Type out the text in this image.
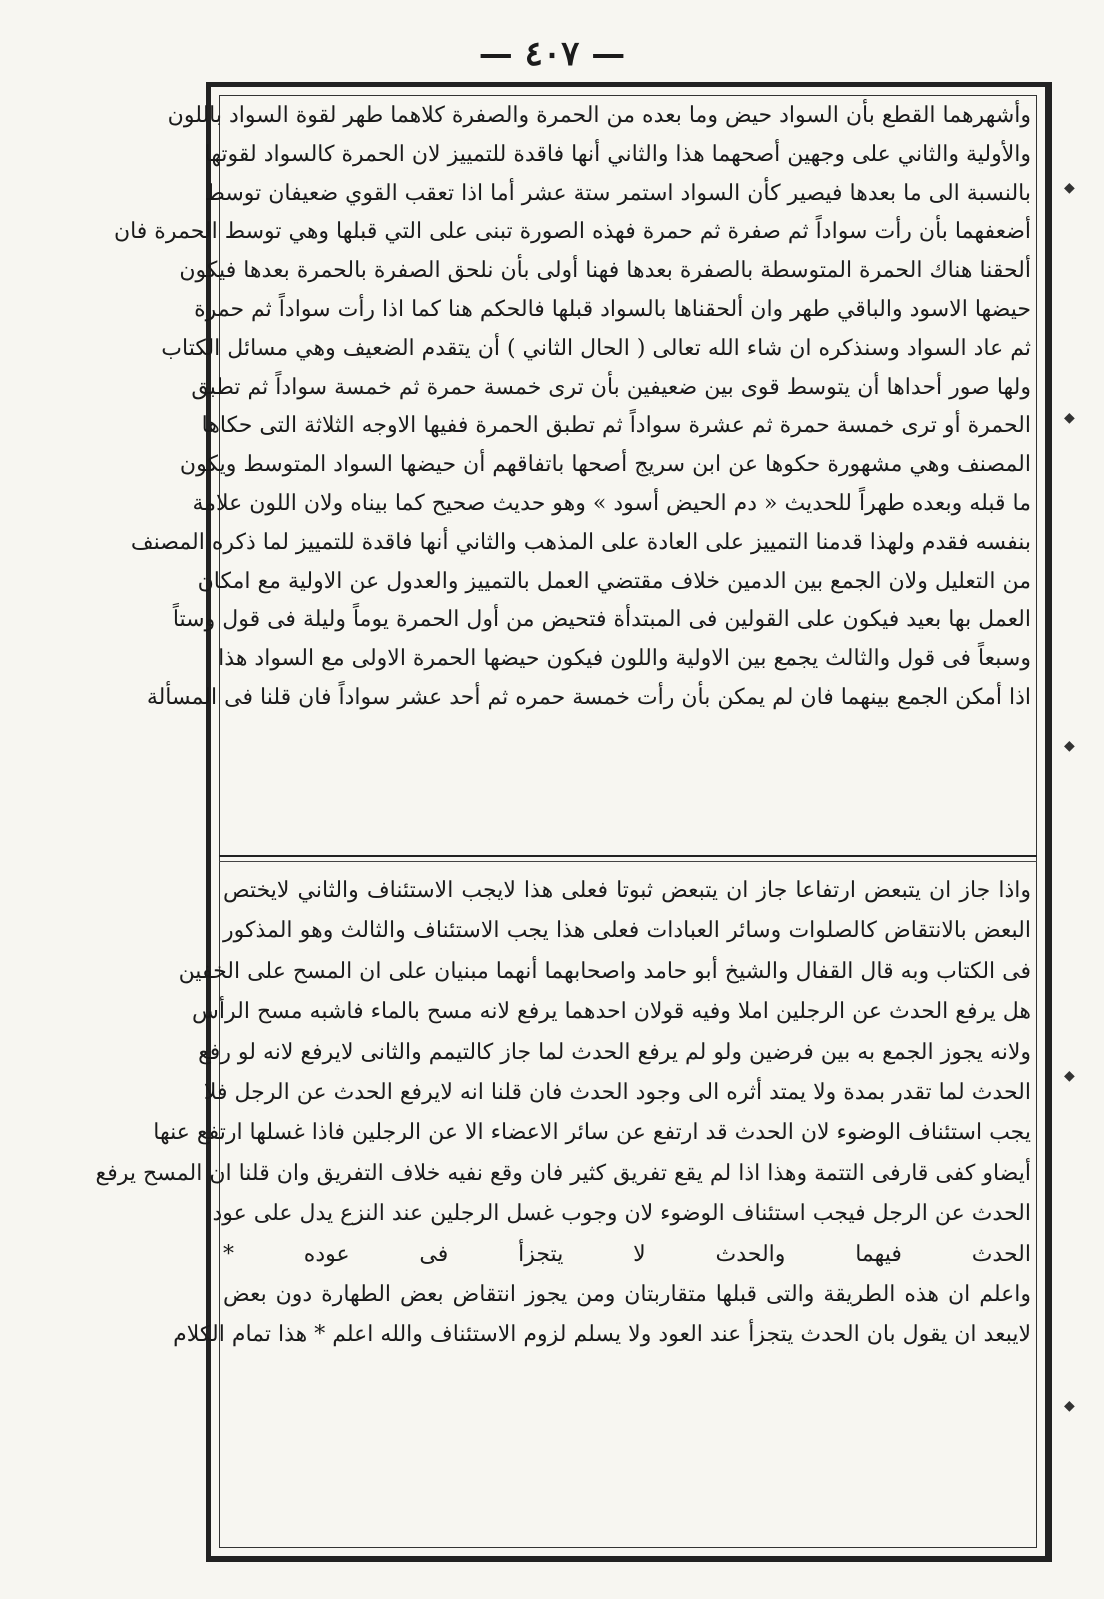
— ٤٠٧ —
وأشهرهما القطع بأن السواد حيض وما بعده من الحمرة والصفرة كلاهما طهر لقوة السواد باللون
والأولية والثاني على وجهين أصحهما هذا والثاني أنها فاقدة للتمييز لان الحمرة كالسواد لقوتها
بالنسبة الى ما بعدها فيصير كأن السواد استمر ستة عشر أما اذا تعقب القوي ضعيفان توسط
أضعفهما بأن رأت سواداً ثم صفرة ثم حمرة فهذه الصورة تبنى على التي قبلها وهي توسط الحمرة فان
ألحقنا هناك الحمرة المتوسطة بالصفرة بعدها فهنا أولى بأن نلحق الصفرة بالحمرة بعدها فيكون
حيضها الاسود والباقي طهر وان ألحقناها بالسواد قبلها فالحكم هنا كما اذا رأت سواداً ثم حمرة
ثم عاد السواد وسنذكره ان شاء الله تعالى ( الحال الثاني ) أن يتقدم الضعيف وهي مسائل الكتاب
ولها صور أحداها أن يتوسط قوى بين ضعيفين بأن ترى خمسة حمرة ثم خمسة سواداً ثم تطبق
الحمرة أو ترى خمسة حمرة ثم عشرة سواداً ثم تطبق الحمرة ففيها الاوجه الثلاثة التى حكاها
المصنف وهي مشهورة حكوها عن ابن سريج أصحها باتفاقهم أن حيضها السواد المتوسط ويكون
ما قبله وبعده طهراً للحديث « دم الحيض أسود » وهو حديث صحيح كما بيناه ولان اللون علامة
بنفسه فقدم ولهذا قدمنا التمييز على العادة على المذهب والثاني أنها فاقدة للتمييز لما ذكره المصنف
من التعليل ولان الجمع بين الدمين خلاف مقتضي العمل بالتمييز والعدول عن الاولية مع امكان
العمل بها بعيد فيكون على القولين فى المبتدأة فتحيض من أول الحمرة يوماً وليلة فى قول وستاً
وسبعاً فى قول والثالث يجمع بين الاولية واللون فيكون حيضها الحمرة الاولى مع السواد هذا
اذا أمكن الجمع بينهما فان لم يمكن بأن رأت خمسة حمره ثم أحد عشر سواداً فان قلنا فى المسألة
واذا جاز ان يتبعض ارتفاعا جاز ان يتبعض ثبوتا فعلى هذا لايجب الاستئناف والثاني لايختص
البعض بالانتقاض كالصلوات وسائر العبادات فعلى هذا يجب الاستئناف والثالث وهو المذكور
فى الكتاب وبه قال القفال والشيخ أبو حامد واصحابهما أنهما مبنيان على ان المسح على الخفين
هل يرفع الحدث عن الرجلين املا وفيه قولان احدهما يرفع لانه مسح بالماء فاشبه مسح الرأس
ولانه يجوز الجمع به بين فرضين ولو لم يرفع الحدث لما جاز كالتيمم والثانى لايرفع لانه لو رفع
الحدث لما تقدر بمدة ولا يمتد أثره الى وجود الحدث فان قلنا انه لايرفع الحدث عن الرجل فلا
يجب استئناف الوضوء لان الحدث قد ارتفع عن سائر الاعضاء الا عن الرجلين فاذا غسلها ارتفع عنها
أيضاو كفى قارفى التتمة وهذا اذا لم يقع تفريق كثير فان وقع نفيه خلاف التفريق وان قلنا ان المسح يرفع
الحدث عن الرجل فيجب استئناف الوضوء لان وجوب غسل الرجلين عند النزع يدل على عود
الحدث فيهما والحدث لا يتجزأ فى عوده *
واعلم ان هذه الطريقة والتى قبلها متقاربتان ومن يجوز انتقاض بعض الطهارة دون بعض
لايبعد ان يقول بان الحدث يتجزأ عند العود ولا يسلم لزوم الاستئناف والله اعلم * هذا تمام الكلام
◆
◆
◆
◆
◆
